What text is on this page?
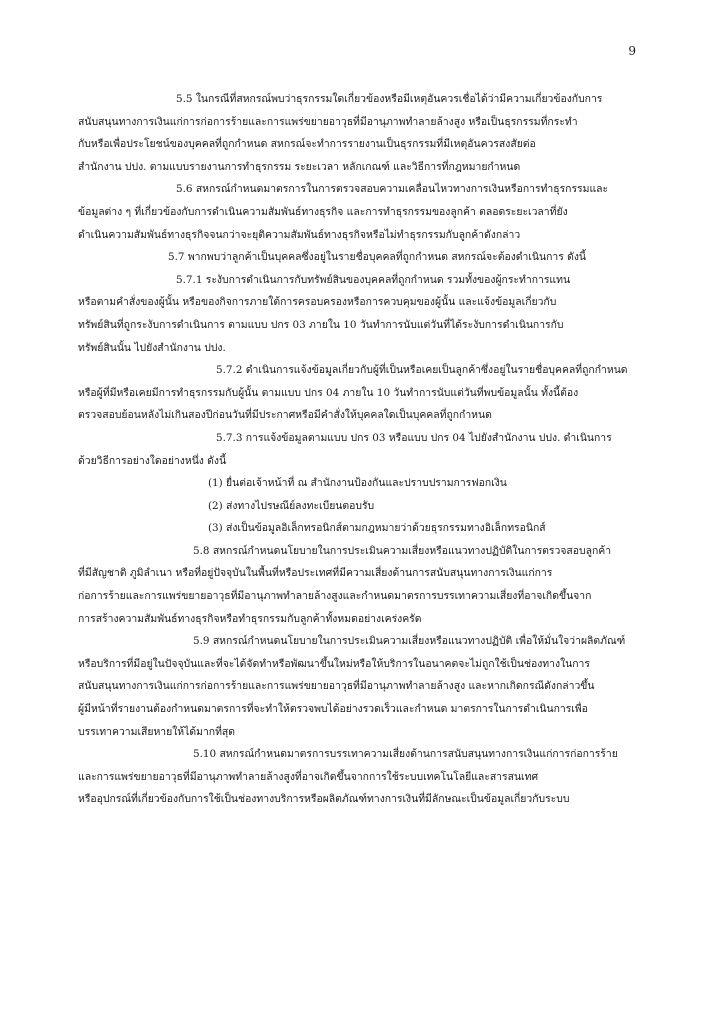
9

5.5 ในกรณีที่สหกรณ์พบว่าธุรกรรมใดเกี่ยวข้องหรือมีเหตุอันควรเชื่อได้ว่ามีความเกี่ยวข้องกับการ
สนับสนุนทางการเงินแก่การก่อการร้ายและการแพร่ขยายอาวุธที่มีอานุภาพทำลายล้างสูง หรือเป็นธุรกรรมที่กระทำ
กับหรือเพื่อประโยชน์ของบุคคลที่ถูกกำหนด สหกรณ์จะทำการรายงานเป็นธุรกรรมที่มีเหตุอันควรสงสัยต่อ
สำนักงาน ปปง. ตามแบบรายงานการทำธุรกรรม ระยะเวลา หลักเกณฑ์ และวิธีการที่กฎหมายกำหนด

5.6 สหกรณ์กำหนดมาตรการในการตรวจสอบความเคลื่อนไหวทางการเงินหรือการทำธุรกรรมและ
ข้อมูลต่าง ๆ ที่เกี่ยวข้องกับการดำเนินความสัมพันธ์ทางธุรกิจ และการทำธุรกรรมของลูกค้า ตลอดระยะเวลาที่ยัง
ดำเนินความสัมพันธ์ทางธุรกิจจนกว่าจะยุติความสัมพันธ์ทางธุรกิจหรือไม่ทำธุรกรรมกับลูกค้าดังกล่าว

5.7 พากพบว่าลูกค้าเป็นบุคคลซึ่งอยู่ในรายชื่อบุคคลที่ถูกกำหนด สหกรณ์จะต้องดำเนินการ ดังนี้

5.7.1 ระงับการดำเนินการกับทรัพย์สินของบุคคลที่ถูกกำหนด รวมทั้งของผู้กระทำการแทน
หรือตามคำสั่งของผู้นั้น หรือของกิจการภายใต้การครอบครองหรือการควบคุมของผู้นั้น และแจ้งข้อมูลเกี่ยวกับ
ทรัพย์สินที่ถูกระงับการดำเนินการ ตามแบบ ปกร 03 ภายใน 10 วันทำการนับแต่วันที่ได้ระงับการดำเนินการกับ
ทรัพย์สินนั้น ไปยังสำนักงาน ปปง.

5.7.2 ดำเนินการแจ้งข้อมูลเกี่ยวกับผู้ที่เป็นหรือเคยเป็นลูกค้าซึ่งอยู่ในรายชื่อบุคคลที่ถูกกำหนด
หรือผู้ที่มีหรือเคยมีการทำธุรกรรมกับผู้นั้น ตามแบบ ปกร 04 ภายใน 10 วันทำการนับแต่วันที่พบข้อมูลนั้น ทั้งนี้ต้อง
ตรวจสอบย้อนหลังไม่เกินสองปีก่อนวันที่มีประกาศหรือมีคำสั่งให้บุคคลใดเป็นบุคคลที่ถูกกำหนด

5.7.3 การแจ้งข้อมูลตามแบบ ปกร 03 หรือแบบ ปกร 04 ไปยังสำนักงาน ปปง. ดำเนินการ
ด้วยวิธีการอย่างใดอย่างหนึ่ง ดังนี้

(1) ยื่นต่อเจ้าหน้าที่ ณ สำนักงานป้องกันและปราบปรามการฟอกเงิน

(2) ส่งทางไปรษณีย์ลงทะเบียนตอบรับ

(3) ส่งเป็นข้อมูลอิเล็กทรอนิกส์ตามกฎหมายว่าด้วยธุรกรรมทางอิเล็กทรอนิกส์

5.8 สหกรณ์กำหนดนโยบายในการประเมินความเสี่ยงหรือแนวทางปฏิบัติในการตรวจสอบลูกค้า
ที่มีสัญชาติ ภูมิลำเนา หรือที่อยู่ปัจจุบันในพื้นที่หรือประเทศที่มีความเสี่ยงด้านการสนับสนุนทางการเงินแก่การ
ก่อการร้ายและการแพร่ขยายอาวุธที่มีอานุภาพทำลายล้างสูงและกำหนดมาตรการบรรเทาความเสี่ยงที่อาจเกิดขึ้นจาก
การสร้างความสัมพันธ์ทางธุรกิจหรือทำธุรกรรมกับลูกค้าทั้งหมดอย่างเคร่งครัด

5.9 สหกรณ์กำหนดนโยบายในการประเมินความเสี่ยงหรือแนวทางปฏิบัติ เพื่อให้มั่นใจว่าผลิตภัณฑ์
หรือบริการที่มีอยู่ในปัจจุบันและที่จะได้จัดทำหรือพัฒนาขึ้นใหม่หรือให้บริการในอนาคตจะไม่ถูกใช้เป็นช่องทางในการ
สนับสนุนทางการเงินแก่การก่อการร้ายและการแพร่ขยายอาวุธที่มีอานุภาพทำลายล้างสูง และหากเกิดกรณีดังกล่าวขึ้น
ผู้มีหน้าที่รายงานต้องกำหนดมาตรการที่จะทำให้ตรวจพบได้อย่างรวดเร็วและกำหนด มาตรการในการดำเนินการเพื่อ
บรรเทาความเสียหายให้ได้มากที่สุด

5.10 สหกรณ์กำหนดมาตรการบรรเทาความเสี่ยงด้านการสนับสนุนทางการเงินแก่การก่อการร้าย
และการแพร่ขยายอาวุธที่มีอานุภาพทำลายล้างสูงที่อาจเกิดขึ้นจากการใช้ระบบเทคโนโลยีและสารสนเทศ
หรืออุปกรณ์ที่เกี่ยวข้องกับการใช้เป็นช่องทางบริการหรือผลิตภัณฑ์ทางการเงินที่มีลักษณะเป็นข้อมูลเกี่ยวกับระบบ
